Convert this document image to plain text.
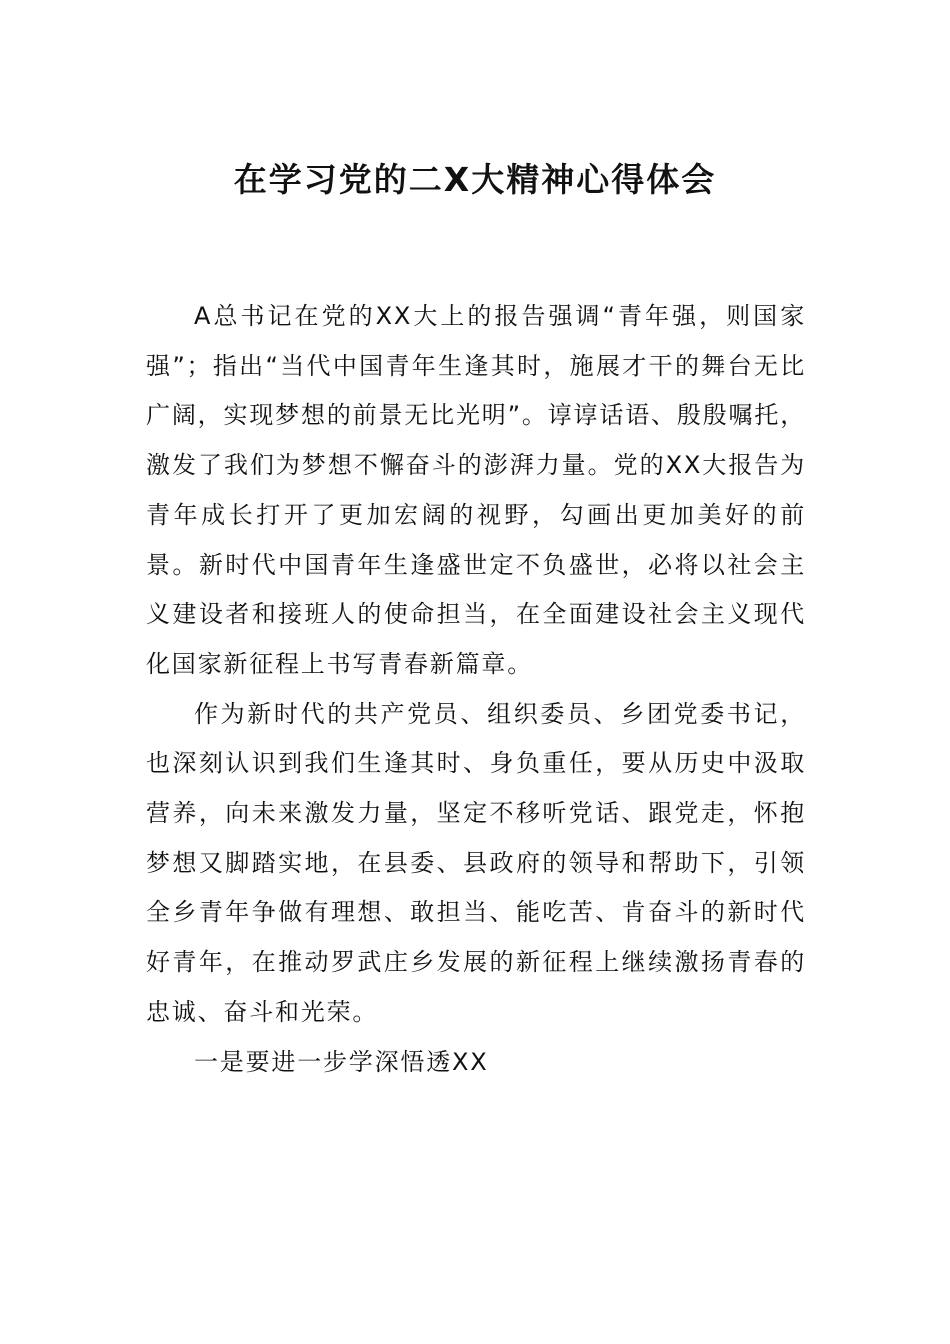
在学习党的二X大精神心得体会

A总书记在党的XX大上的报告强调“青年强，则国家强”；指出“当代中国青年生逢其时，施展才干的舞台无比广阔，实现梦想的前景无比光明”。谆谆话语、殷殷嘱托，激发了我们为梦想不懈奋斗的澎湃力量。党的XX大报告为青年成长打开了更加宏阔的视野，勾画出更加美好的前景。新时代中国青年生逢盛世定不负盛世，必将以社会主义建设者和接班人的使命担当，在全面建设社会主义现代化国家新征程上书写青春新篇章。

作为新时代的共产党员、组织委员、乡团党委书记，也深刻认识到我们生逢其时、身负重任，要从历史中汲取营养，向未来激发力量，坚定不移听党话、跟党走，怀抱梦想又脚踏实地，在县委、县政府的领导和帮助下，引领全乡青年争做有理想、敢担当、能吃苦、肯奋斗的新时代好青年，在推动罗武庄乡发展的新征程上继续激扬青春的忠诚、奋斗和光荣。

一是要进一步学深悟透XX
